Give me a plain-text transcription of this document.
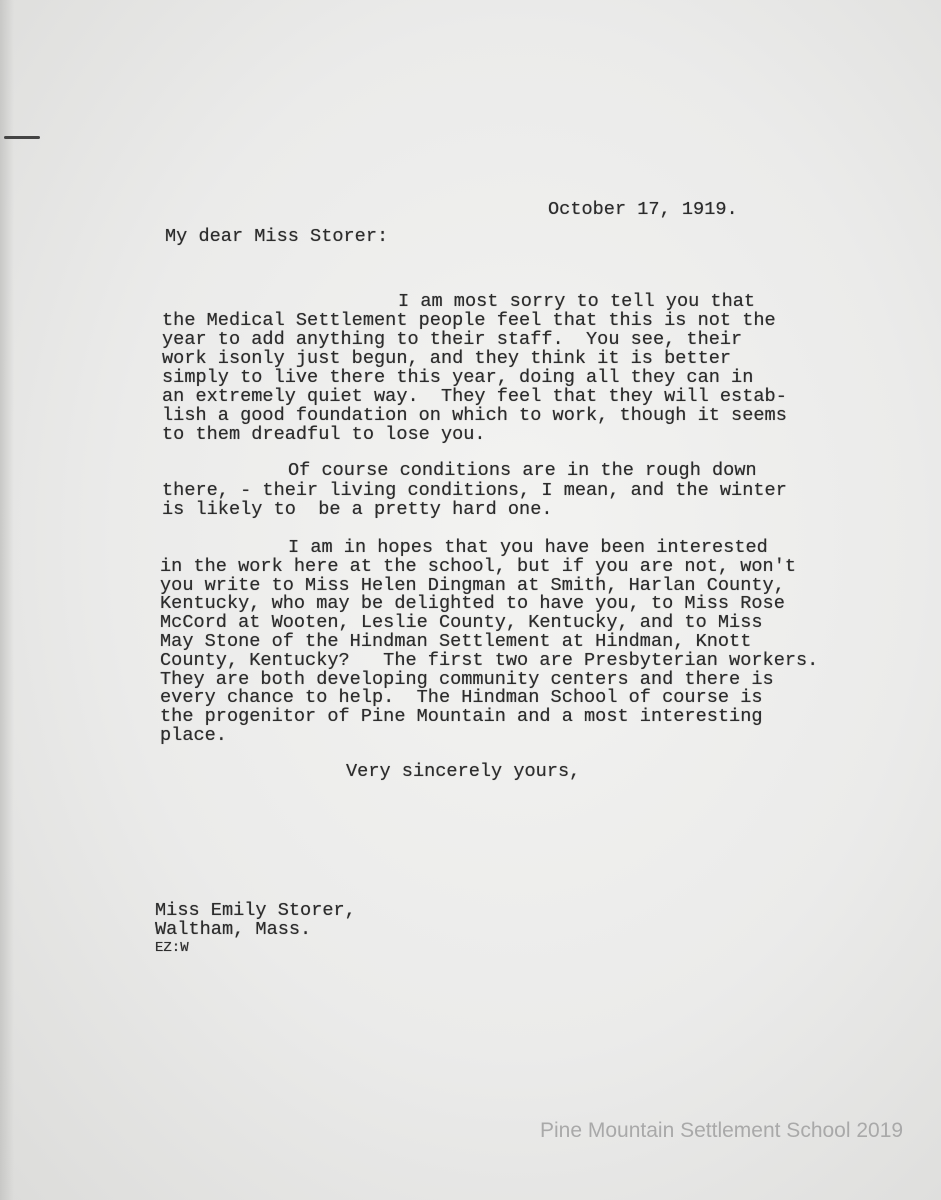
October 17, 1919.
My dear Miss Storer:
I am most sorry to tell you that
the Medical Settlement people feel that this is not the
year to add anything to their staff.  You see, their
work isonly just begun, and they think it is better
simply to live there this year, doing all they can in
an extremely quiet way.  They feel that they will estab-
lish a good foundation on which to work, though it seems
to them dreadful to lose you.
Of course conditions are in the rough down
there, - their living conditions, I mean, and the winter
is likely to  be a pretty hard one.
I am in hopes that you have been interested
in the work here at the school, but if you are not, won't
you write to Miss Helen Dingman at Smith, Harlan County,
Kentucky, who may be delighted to have you, to Miss Rose
McCord at Wooten, Leslie County, Kentucky, and to Miss
May Stone of the Hindman Settlement at Hindman, Knott
County, Kentucky?   The first two are Presbyterian workers.
They are both developing community centers and there is
every chance to help.  The Hindman School of course is
the progenitor of Pine Mountain and a most interesting
place.
Very sincerely yours,
Miss Emily Storer,
Waltham, Mass.
EZ:W
Pine Mountain Settlement School 2019
